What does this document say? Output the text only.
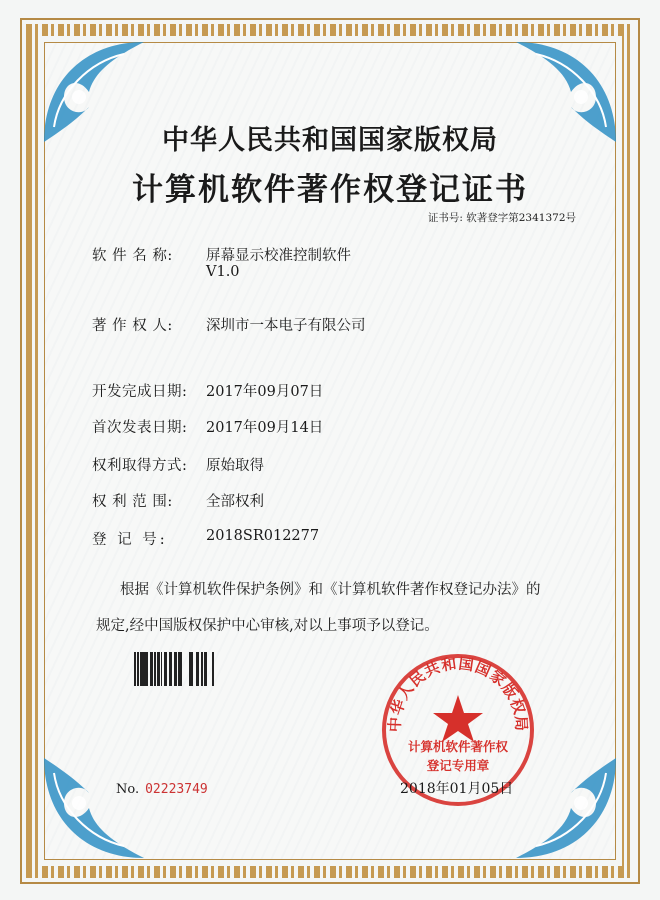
中华人民共和国国家版权局
计算机软件著作权登记证书
证书号: 软著登字第2341372号
软 件 名 称: 屏幕显示校准控制软件
V1.0
著 作 权 人: 深圳市一本电子有限公司
开发完成日期: 2017年09月07日
首次发表日期: 2017年09月14日
权利取得方式: 原始取得
权 利 范 围: 全部权利
登 记 号:	2018SR012277
根据《计算机软件保护条例》和《计算机软件著作权登记办法》的
规定,经中国版权保护中心审核,对以上事项予以登记。
中华人民共和国国家版权局
计算机软件著作权
登记专用章
No. 02223749	2018年01月05日
